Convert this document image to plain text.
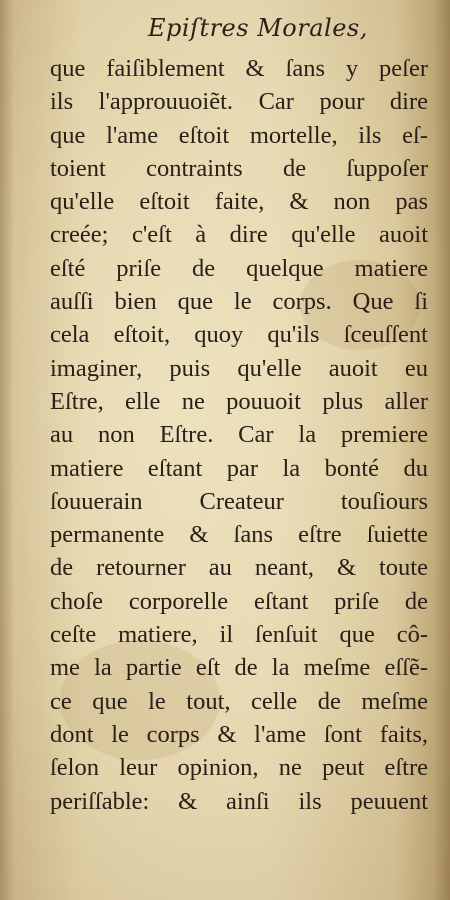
Epiſtres Morales,
que faiſiblement & ſans y peſer
ils l'approuuoiẽt. Car pour dire
que l'ame eſtoit mortelle, ils eſ-
toient contraints de ſuppoſer
qu'elle eſtoit faite, & non pas
creée; c'eſt à dire qu'elle auoit
eſté priſe de quelque matiere
auſſi bien que le corps. Que ſi
cela eſtoit, quoy qu'ils ſceuſſent
imaginer, puis qu'elle auoit eu
Eſtre, elle ne pouuoit plus aller
au non Eſtre. Car la premiere
matiere eſtant par la bonté du
ſouuerain Createur touſiours
permanente & ſans eſtre ſuiette
de retourner au neant, & toute
choſe corporelle eſtant priſe de
ceſte matiere, il ſenſuit que cô-
me la partie eſt de la meſme eſſẽ-
ce que le tout, celle de meſme
dont le corps & l'ame ſont faits,
ſelon leur opinion, ne peut eſtre
periſſable: & ainſi ils peuuent
